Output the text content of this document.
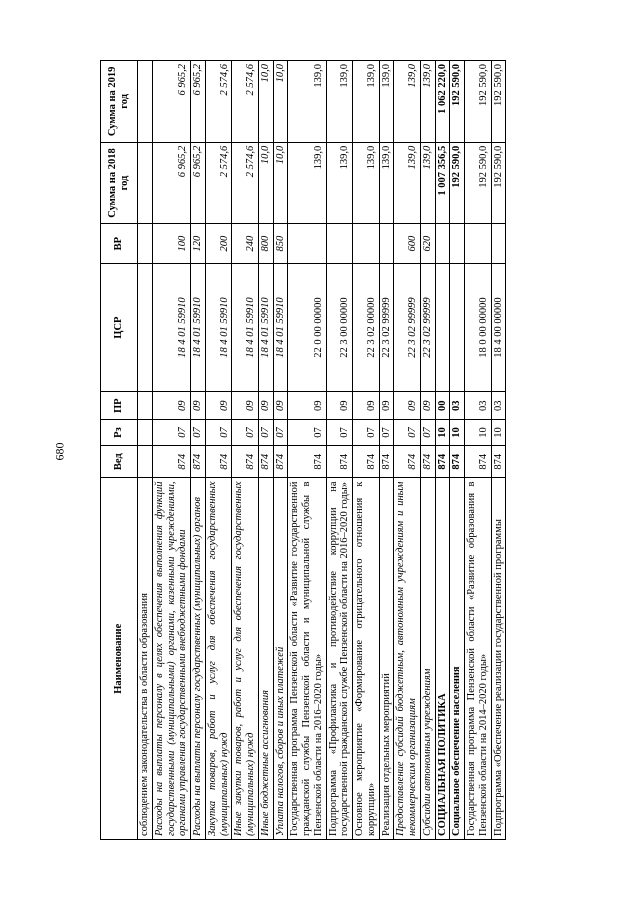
680
Наименование	Вед	Рз	ПР	ЦСР	ВР	Сумма на 2018 год	Сумма на 2019 год
соблюдением законодательства в области образования							
Расходы на выплаты персоналу в целях обеспечения выполнения функций государственными (муниципальными) органами, казенными учреждениями, органами управления государственными внебюджетными фондами	874	07	09	18 4 01 59910	100	6 965,2	6 965,2
Расходы на выплаты персоналу государственных (муниципальных) органов	874	07	09	18 4 01 59910	120	6 965,2	6 965,2
Закупка товаров, работ и услуг для обеспечения государственных (муниципальных) нужд	874	07	09	18 4 01 59910	200	2 574,6	2 574,6
Иные закупки товаров, работ и услуг для обеспечения государственных (муниципальных) нужд	874	07	09	18 4 01 59910	240	2 574,6	2 574,6
Иные бюджетные ассигнования	874	07	09	18 4 01 59910	800	10,0	10,0
Уплата налогов, сборов и иных платежей	874	07	09	18 4 01 59910	850	10,0	10,0
Государственная программа Пензенской области «Развитие государственной гражданской службы Пензенской области и муниципальной службы в Пензенской области на 2016–2020 годы»	874	07	09	22 0 00 00000		139,0	139,0
Подпрограмма «Профилактика и противодействие коррупции на государственной гражданской службе Пензенской области на 2016–2020 годы»	874	07	09	22 3 00 00000		139,0	139,0
Основное мероприятие «Формирование отрицательного отношения к коррупции»	874	07	09	22 3 02 00000		139,0	139,0
Реализация отдельных мероприятий	874	07	09	22 3 02 99999		139,0	139,0
Предоставление субсидий бюджетным, автономным учреждениям и иным некоммерческим организациям	874	07	09	22 3 02 99999	600	139,0	139,0
Субсидии автономным учреждениям	874	07	09	22 3 02 99999	620	139,0	139,0
СОЦИАЛЬНАЯ ПОЛИТИКА	874	10	00			1 007 356,5	1 062 220,0
Социальное обеспечение населения	874	10	03			192 590,0	192 590,0
Государственная программа Пензенской области «Развитие образования в Пензенской области на 2014–2020 годы»	874	10	03	18 0 00 00000		192 590,0	192 590,0
Подпрограмма «Обеспечение реализации государственной программы	874	10	03	18 4 00 00000		192 590,0	192 590,0
